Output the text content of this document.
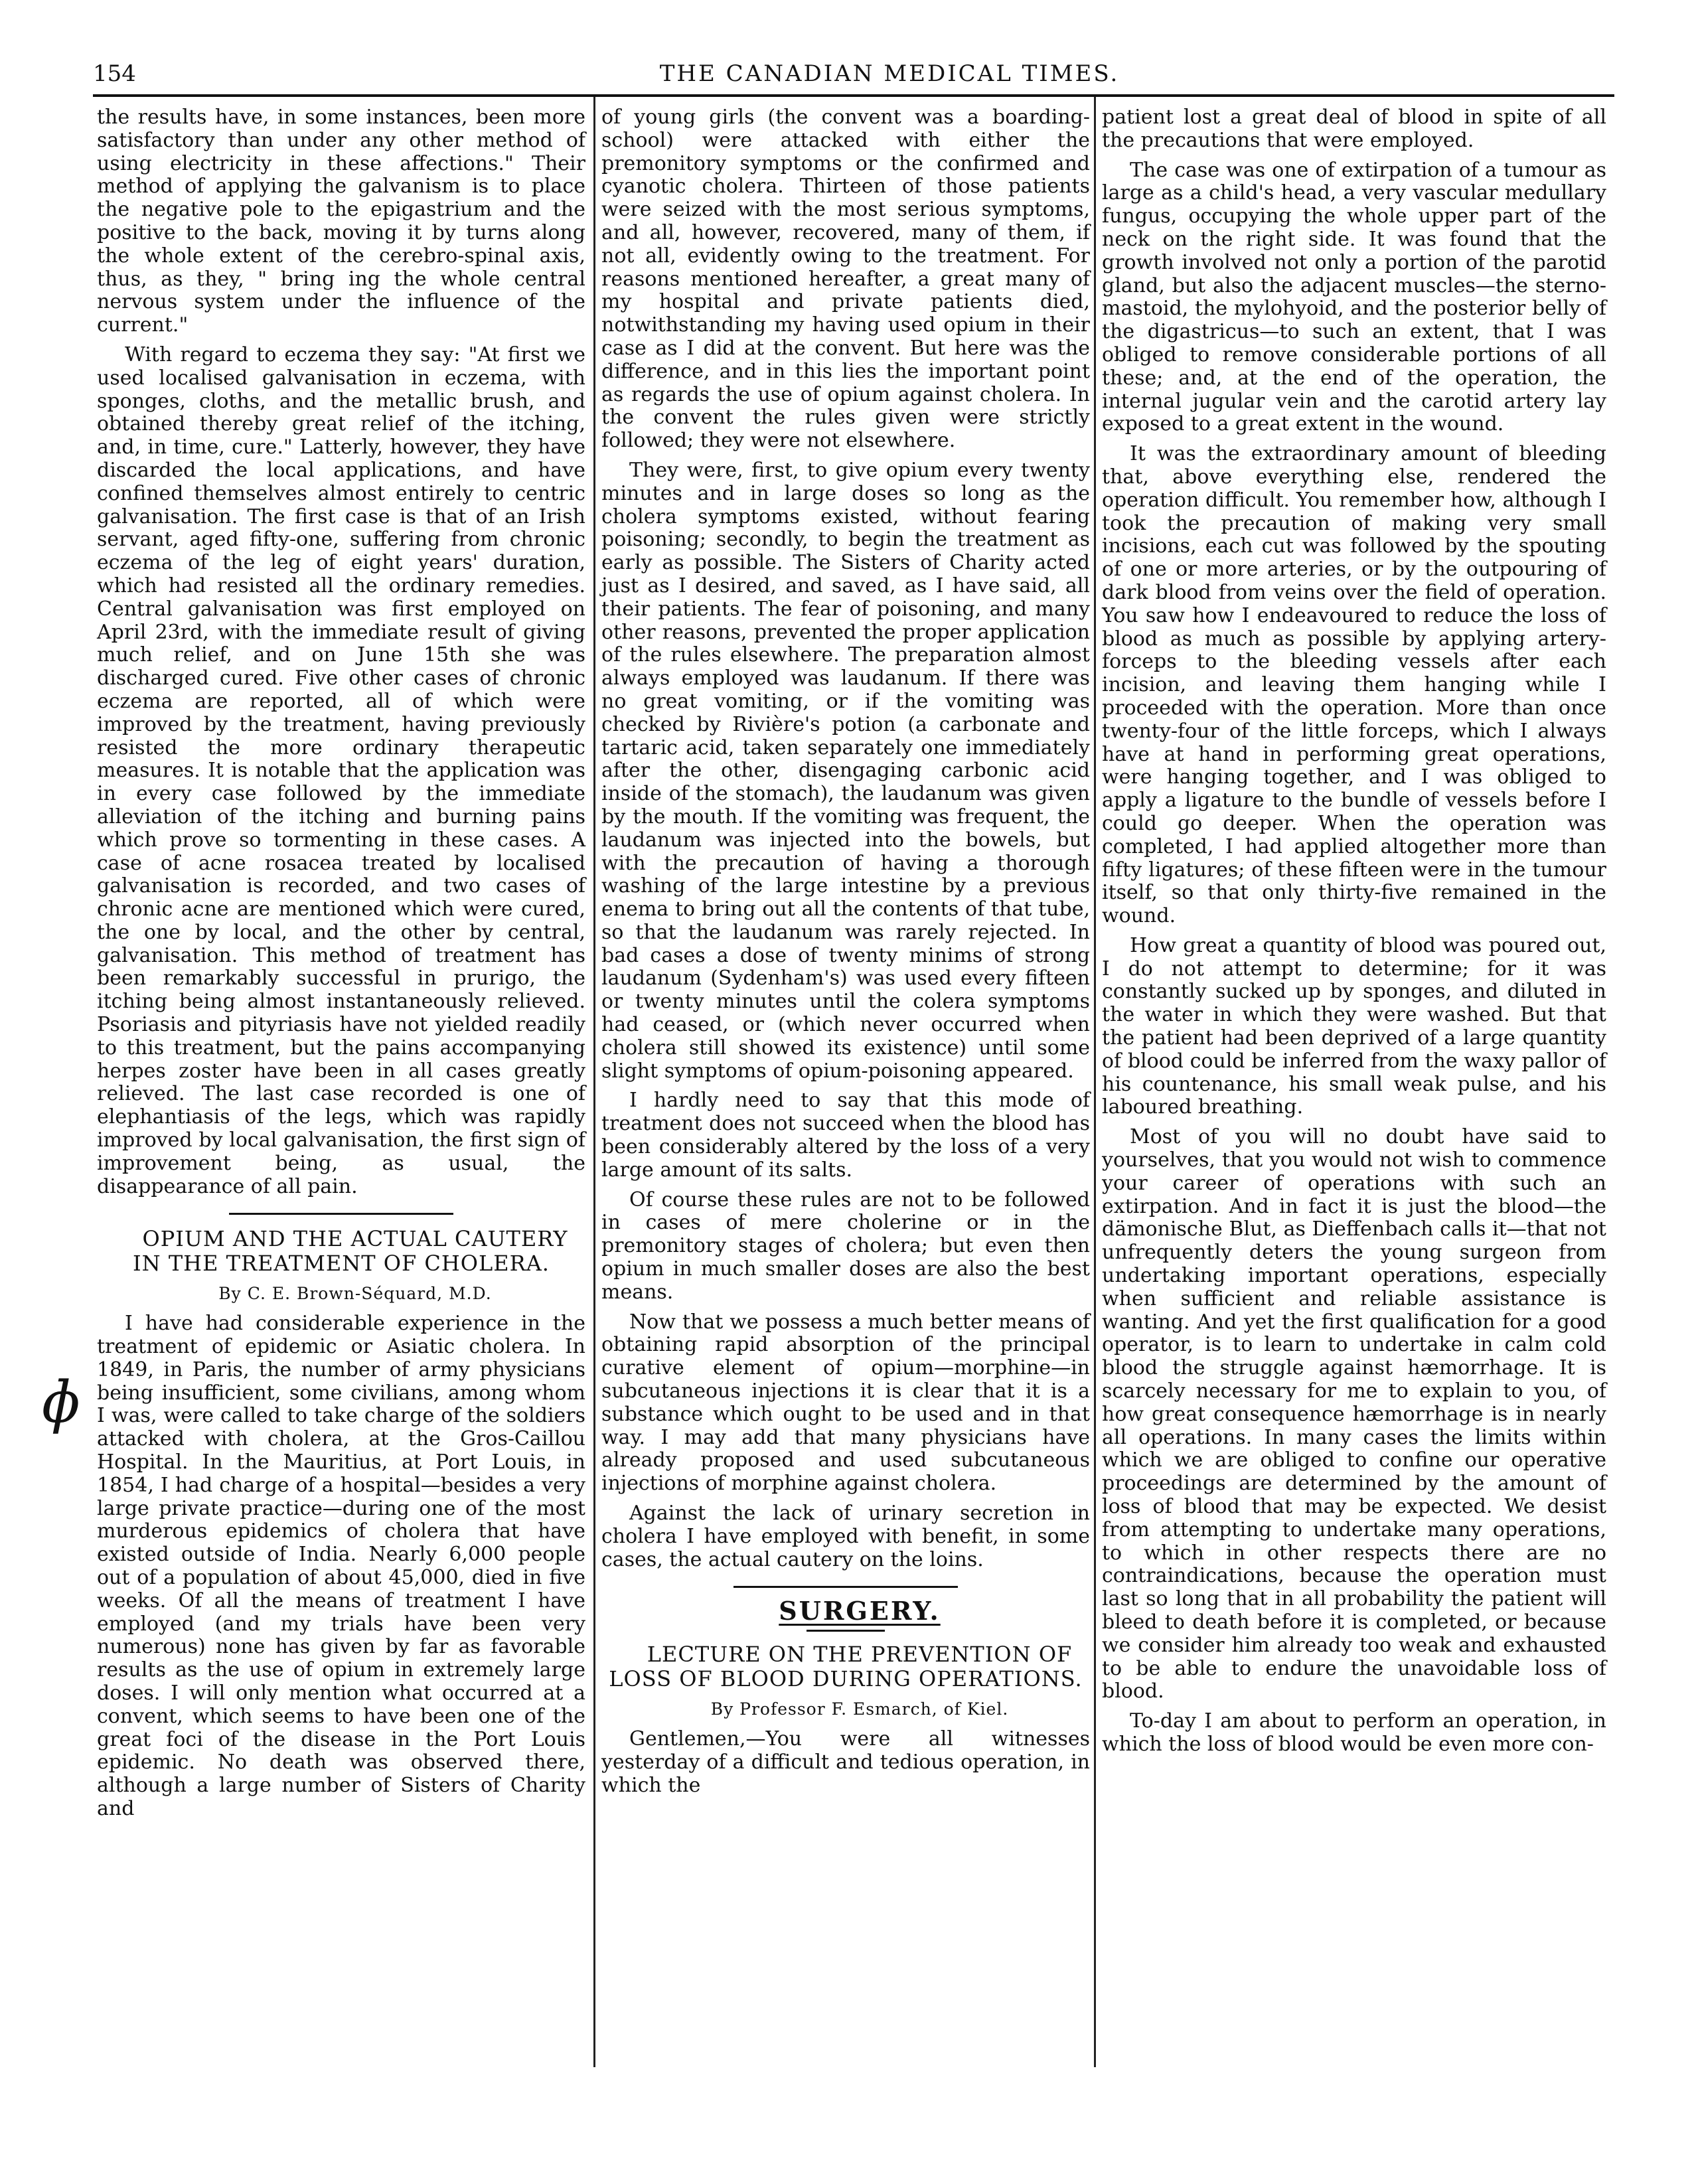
154	THE CANADIAN MEDICAL TIMES.
ɸ

the results have, in some instances, been more satisfactory than under any other method of using electricity in these affections." Their method of applying the galvanism is to place the negative pole to the epigastrium and the positive to the back, moving it by turns along the whole extent of the cerebro-spinal axis, thus, as they, " bring ing the whole central nervous system under the influence of the current."

With regard to eczema they say: "At first we used localised galvanisation in eczema, with sponges, cloths, and the metallic brush, and obtained thereby great relief of the itching, and, in time, cure." Latterly, however, they have discarded the local applications, and have confined themselves almost entirely to centric galvanisation. The first case is that of an Irish servant, aged fifty-one, suffering from chronic eczema of the leg of eight years' duration, which had resisted all the ordinary remedies. Central galvanisation was first employed on April 23rd, with the immediate result of giving much relief, and on June 15th she was discharged cured. Five other cases of chronic eczema are reported, all of which were improved by the treatment, having previously resisted the more ordinary therapeutic measures. It is notable that the application was in every case followed by the immediate alleviation of the itching and burning pains which prove so tormenting in these cases. A case of acne rosacea treated by localised galvanisation is recorded, and two cases of chronic acne are mentioned which were cured, the one by local, and the other by central, galvanisation. This method of treatment has been remarkably successful in prurigo, the itching being almost instantaneously relieved. Psoriasis and pityriasis have not yielded readily to this treatment, but the pains accompanying herpes zoster have been in all cases greatly relieved. The last case recorded is one of elephantiasis of the legs, which was rapidly improved by local galvanisation, the first sign of improvement being, as usual, the disappearance of all pain.

OPIUM AND THE ACTUAL CAUTERY IN THE TREATMENT OF CHOLERA.

By C. E. Brown-Séquard, M.D.

I have had considerable experience in the treatment of epidemic or Asiatic cholera. In 1849, in Paris, the number of army physicians being insufficient, some civilians, among whom I was, were called to take charge of the soldiers attacked with cholera, at the Gros-Caillou Hospital. In the Mauritius, at Port Louis, in 1854, I had charge of a hospital—besides a very large private practice—during one of the most murderous epidemics of cholera that have existed outside of India. Nearly 6,000 people out of a population of about 45,000, died in five weeks. Of all the means of treatment I have employed (and my trials have been very numerous) none has given by far as favorable results as the use of opium in extremely large doses. I will only mention what occurred at a convent, which seems to have been one of the great foci of the disease in the Port Louis epidemic. No death was observed there, although a large number of Sisters of Charity and

of young girls (the convent was a boarding-school) were attacked with either the premonitory symptoms or the confirmed and cyanotic cholera. Thirteen of those patients were seized with the most serious symptoms, and all, however, recovered, many of them, if not all, evidently owing to the treatment. For reasons mentioned hereafter, a great many of my hospital and private patients died, notwithstanding my having used opium in their case as I did at the convent. But here was the difference, and in this lies the important point as regards the use of opium against cholera. In the convent the rules given were strictly followed; they were not elsewhere.

They were, first, to give opium every twenty minutes and in large doses so long as the cholera symptoms existed, without fearing poisoning; secondly, to begin the treatment as early as possible. The Sisters of Charity acted just as I desired, and saved, as I have said, all their patients. The fear of poisoning, and many other reasons, prevented the proper application of the rules elsewhere. The preparation almost always employed was laudanum. If there was no great vomiting, or if the vomiting was checked by Rivière's potion (a carbonate and tartaric acid, taken separately one immediately after the other, disengaging carbonic acid inside of the stomach), the laudanum was given by the mouth. If the vomiting was frequent, the laudanum was injected into the bowels, but with the precaution of having a thorough washing of the large intestine by a previous enema to bring out all the contents of that tube, so that the laudanum was rarely rejected. In bad cases a dose of twenty minims of strong laudanum (Sydenham's) was used every fifteen or twenty minutes until the colera symptoms had ceased, or (which never occurred when cholera still showed its existence) until some slight symptoms of opium-poisoning appeared.

I hardly need to say that this mode of treatment does not succeed when the blood has been considerably altered by the loss of a very large amount of its salts.

Of course these rules are not to be followed in cases of mere cholerine or in the premonitory stages of cholera; but even then opium in much smaller doses are also the best means.

Now that we possess a much better means of obtaining rapid absorption of the principal curative element of opium—morphine—in subcutaneous injections it is clear that it is a substance which ought to be used and in that way. I may add that many physicians have already proposed and used subcutaneous injections of morphine against cholera.

Against the lack of urinary secretion in cholera I have employed with benefit, in some cases, the actual cautery on the loins.

SURGERY.

LECTURE ON THE PREVENTION OF LOSS OF BLOOD DURING OPERATIONS.

By Professor F. Esmarch, of Kiel.

Gentlemen,—You were all witnesses yesterday of a difficult and tedious operation, in which the

patient lost a great deal of blood in spite of all the precautions that were employed.

The case was one of extirpation of a tumour as large as a child's head, a very vascular medullary fungus, occupying the whole upper part of the neck on the right side. It was found that the growth involved not only a portion of the parotid gland, but also the adjacent muscles—the sterno-mastoid, the mylohyoid, and the posterior belly of the digastricus—to such an extent, that I was obliged to remove considerable portions of all these; and, at the end of the operation, the internal jugular vein and the carotid artery lay exposed to a great extent in the wound.

It was the extraordinary amount of bleeding that, above everything else, rendered the operation difficult. You remember how, although I took the precaution of making very small incisions, each cut was followed by the spouting of one or more arteries, or by the outpouring of dark blood from veins over the field of operation. You saw how I endeavoured to reduce the loss of blood as much as possible by applying artery-forceps to the bleeding vessels after each incision, and leaving them hanging while I proceeded with the operation. More than once twenty-four of the little forceps, which I always have at hand in performing great operations, were hanging together, and I was obliged to apply a ligature to the bundle of vessels before I could go deeper. When the operation was completed, I had applied altogether more than fifty ligatures; of these fifteen were in the tumour itself, so that only thirty-five remained in the wound.

How great a quantity of blood was poured out, I do not attempt to determine; for it was constantly sucked up by sponges, and diluted in the water in which they were washed. But that the patient had been deprived of a large quantity of blood could be inferred from the waxy pallor of his countenance, his small weak pulse, and his laboured breathing.

Most of you will no doubt have said to yourselves, that you would not wish to commence your career of operations with such an extirpation. And in fact it is just the blood—the dämonische Blut, as Dieffenbach calls it—that not unfrequently deters the young surgeon from undertaking important operations, especially when sufficient and reliable assistance is wanting. And yet the first qualification for a good operator, is to learn to undertake in calm cold blood the struggle against hæmorrhage. It is scarcely necessary for me to explain to you, of how great consequence hæmorrhage is in nearly all operations. In many cases the limits within which we are obliged to confine our operative proceedings are determined by the amount of loss of blood that may be expected. We desist from attempting to undertake many operations, to which in other respects there are no contraindications, because the operation must last so long that in all probability the patient will bleed to death before it is completed, or because we consider him already too weak and exhausted to be able to endure the unavoidable loss of blood.

To-day I am about to perform an operation, in which the loss of blood would be even more con-
